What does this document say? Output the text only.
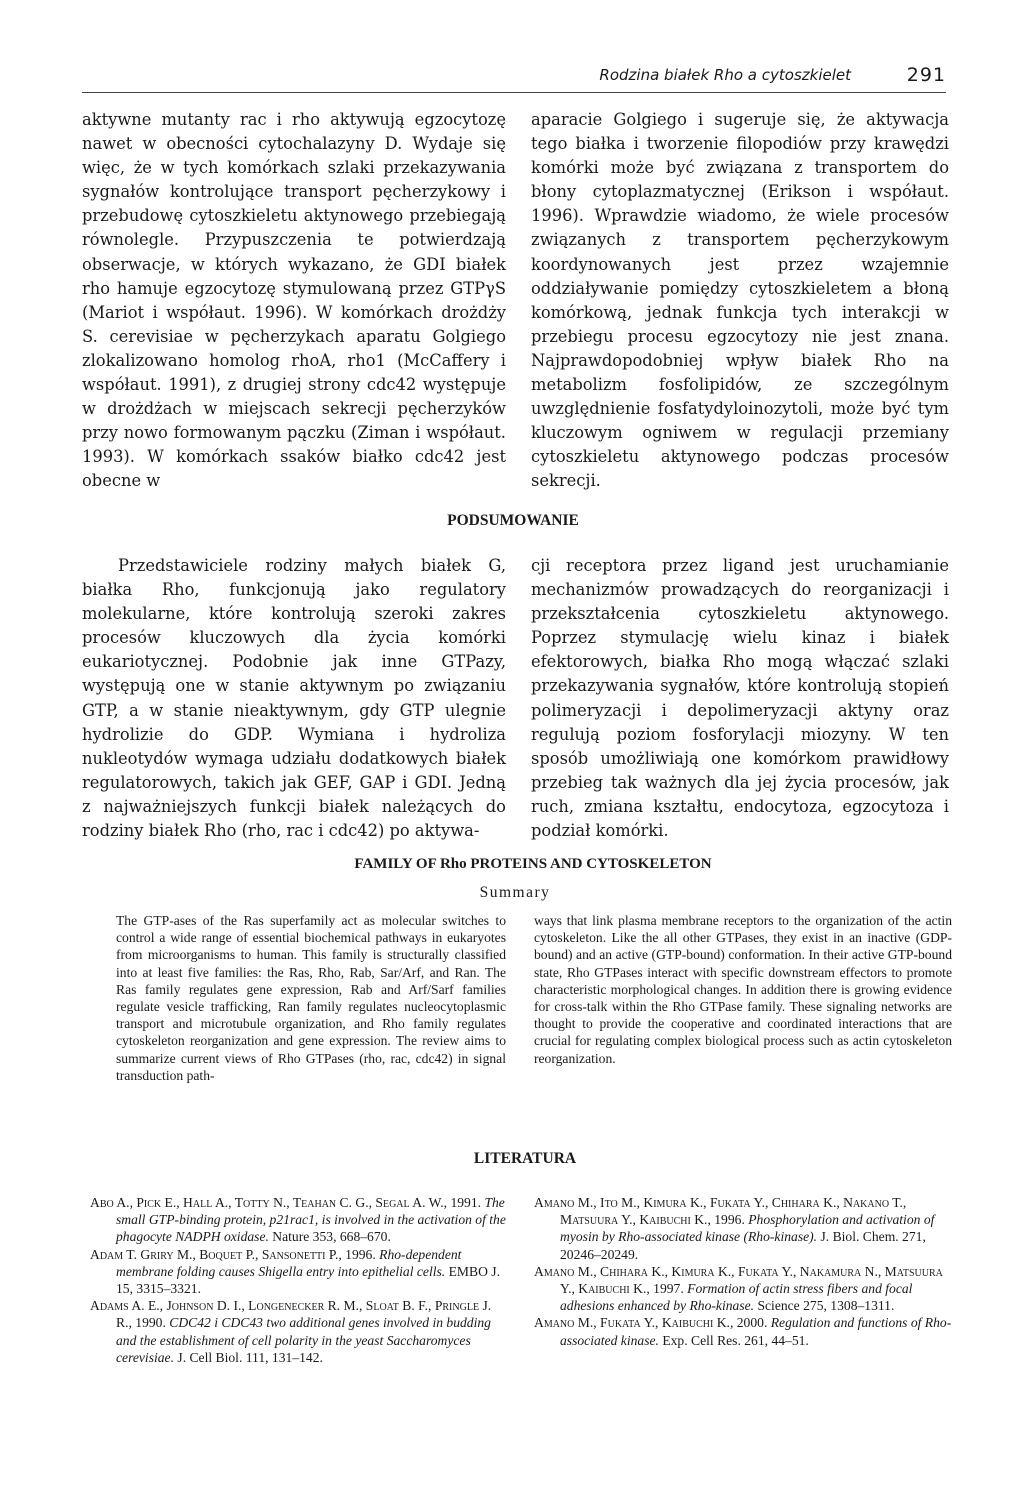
Rodzina białek Rho a cytoszkielet	291

aktywne mutanty rac i rho aktywują egzocytozę nawet w obecności cytochalazyny D. Wydaje się więc, że w tych komórkach szlaki przekazywania sygnałów kontrolujące transport pęcherzykowy i przebudowę cytoszkieletu aktynowego przebiegają równolegle. Przypuszczenia te potwierdzają obserwacje, w których wykazano, że GDI białek rho hamuje egzocytozę stymulowaną przez GTPγS (Mariot i współaut. 1996). W komórkach drożdży S. cerevisiae w pęcherzykach aparatu Golgiego zlokalizowano homolog rhoA, rho1 (McCaffery i współaut. 1991), z drugiej strony cdc42 występuje w drożdżach w miejscach sekrecji pęcherzyków przy nowo formowanym pączku (Ziman i współaut. 1993). W komórkach ssaków białko cdc42 jest obecne w

aparacie Golgiego i sugeruje się, że aktywacja tego białka i tworzenie filopodiów przy krawędzi komórki może być związana z transportem do błony cytoplazmatycznej (Erikson i współaut. 1996). Wprawdzie wiadomo, że wiele procesów związanych z transportem pęcherzykowym koordynowanych jest przez wzajemnie oddziaływanie pomiędzy cytoszkieletem a błoną komórkową, jednak funkcja tych interakcji w przebiegu procesu egzocytozy nie jest znana. Najprawdopodobniej wpływ białek Rho na metabolizm fosfolipidów, ze szczególnym uwzględnienie fosfatydyloinozytoli, może być tym kluczowym ogniwem w regulacji przemiany cytoszkieletu aktynowego podczas procesów sekrecji.

PODSUMOWANIE

Przedstawiciele rodziny małych białek G, białka Rho, funkcjonują jako regulatory molekularne, które kontrolują szeroki zakres procesów kluczowych dla życia komórki eukariotycznej. Podobnie jak inne GTPazy, występują one w stanie aktywnym po związaniu GTP, a w stanie nieaktywnym, gdy GTP ulegnie hydrolizie do GDP. Wymiana i hydroliza nukleotydów wymaga udziału dodatkowych białek regulatorowych, takich jak GEF, GAP i GDI. Jedną z najważniejszych funkcji białek należących do rodziny białek Rho (rho, rac i cdc42) po aktywa-

cji receptora przez ligand jest uruchamianie mechanizmów prowadzących do reorganizacji i przekształcenia cytoszkieletu aktynowego. Poprzez stymulację wielu kinaz i białek efektorowych, białka Rho mogą włączać szlaki przekazywania sygnałów, które kontrolują stopień polimeryzacji i depolimeryzacji aktyny oraz regulują poziom fosforylacji miozyny. W ten sposób umożliwiają one komórkom prawidłowy przebieg tak ważnych dla jej życia procesów, jak ruch, zmiana kształtu, endocytoza, egzocytoza i podział komórki.

FAMILY OF Rho PROTEINS AND CYTOSKELETON
Summary

The GTP-ases of the Ras superfamily act as molecular switches to control a wide range of essential biochemical pathways in eukaryotes from microorganisms to human. This family is structurally classified into at least five families: the Ras, Rho, Rab, Sar/Arf, and Ran. The Ras family regulates gene expression, Rab and Arf/Sarf families regulate vesicle trafficking, Ran family regulates nucleocytoplasmic transport and microtubule organization, and Rho family regulates cytoskeleton reorganization and gene expression. The review aims to summarize current views of Rho GTPases (rho, rac, cdc42) in signal transduction path-

ways that link plasma membrane receptors to the organization of the actin cytoskeleton. Like the all other GTPases, they exist in an inactive (GDP-bound) and an active (GTP-bound) conformation. In their active GTP-bound state, Rho GTPases interact with specific downstream effectors to promote characteristic morphological changes. In addition there is growing evidence for cross-talk within the Rho GTPase family. These signaling networks are thought to provide the cooperative and coordinated interactions that are crucial for regulating complex biological process such as actin cytoskeleton reorganization.

LITERATURA
Abo A., Pick E., Hall A., Totty N., Teahan C. G., Segal A. W., 1991. The small GTP-binding protein, p21rac1, is involved in the activation of the phagocyte NADPH oxidase. Nature 353, 668–670.
Adam T. Griry M., Boquet P., Sansonetti P., 1996. Rho-dependent membrane folding causes Shigella entry into epithelial cells. EMBO J. 15, 3315–3321.
Adams A. E., Johnson D. I., Longenecker R. M., Sloat B. F., Pringle J. R., 1990. CDC42 i CDC43 two additional genes involved in budding and the establishment of cell polarity in the yeast Saccharomyces cerevisiae. J. Cell Biol. 111, 131–142.
Amano M., Ito M., Kimura K., Fukata Y., Chihara K., Nakano T., Matsuura Y., Kaibuchi K., 1996. Phosphorylation and activation of myosin by Rho-associated kinase (Rho-kinase). J. Biol. Chem. 271, 20246–20249.
Amano M., Chihara K., Kimura K., Fukata Y., Nakamura N., Matsuura Y., Kaibuchi K., 1997. Formation of actin stress fibers and focal adhesions enhanced by Rho-kinase. Science 275, 1308–1311.
Amano M., Fukata Y., Kaibuchi K., 2000. Regulation and functions of Rho-associated kinase. Exp. Cell Res. 261, 44–51.
